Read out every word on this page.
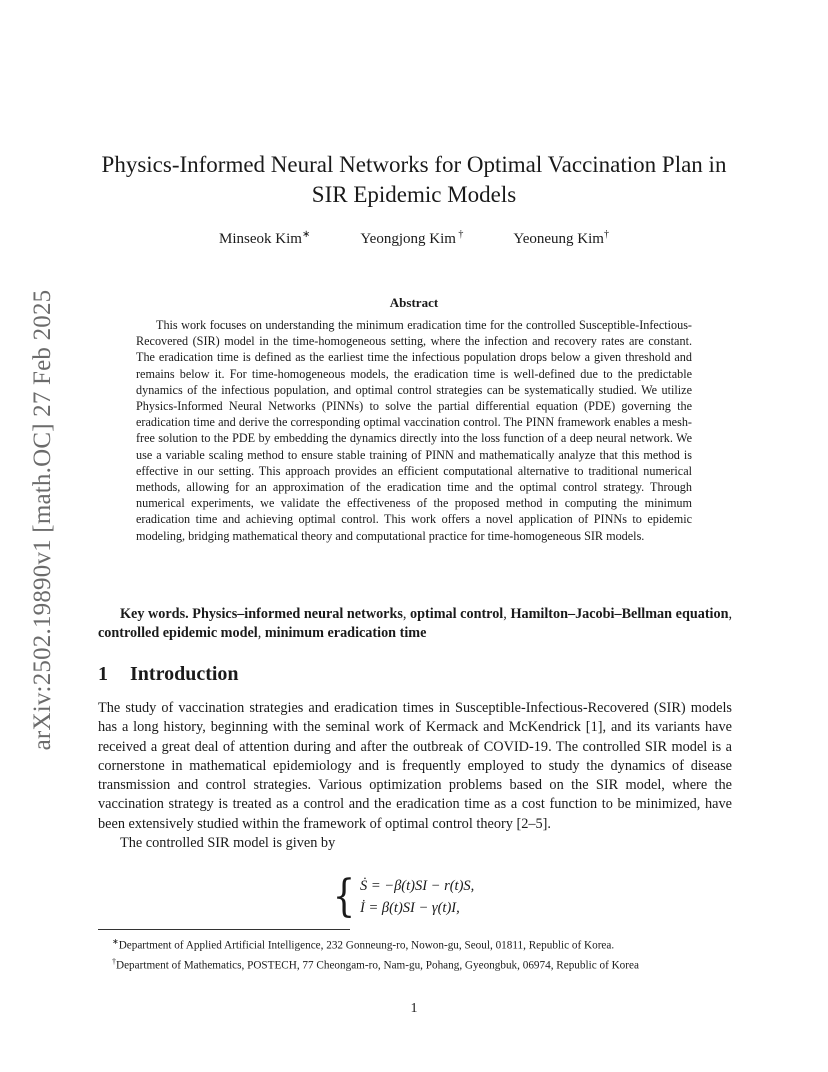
arXiv:2502.19890v1 [math.OC] 27 Feb 2025
Physics-Informed Neural Networks for Optimal Vaccination Plan in
SIR Epidemic Models
Minseok Kim∗	Yeongjong Kim †	Yeoneung Kim†
Abstract
This work focuses on understanding the minimum eradication time for the controlled Susceptible-Infectious-Recovered (SIR) model in the time-homogeneous setting, where the infection and recovery rates are constant. The eradication time is defined as the earliest time the infectious population drops below a given threshold and remains below it. For time-homogeneous models, the eradication time is well-defined due to the predictable dynamics of the infectious population, and optimal control strategies can be systematically studied. We utilize Physics-Informed Neural Networks (PINNs) to solve the partial differential equation (PDE) governing the eradication time and derive the corresponding optimal vaccination control. The PINN framework enables a mesh-free solution to the PDE by embedding the dynamics directly into the loss function of a deep neural network. We use a variable scaling method to ensure stable training of PINN and mathematically analyze that this method is effective in our setting. This approach provides an efficient computational alternative to traditional numerical methods, allowing for an approximation of the eradication time and the optimal control strategy. Through numerical experiments, we validate the effectiveness of the proposed method in computing the minimum eradication time and achieving optimal control. This work offers a novel application of PINNs to epidemic modeling, bridging mathematical theory and computational practice for time-homogeneous SIR models.
Key words. Physics–informed neural networks, optimal control, Hamilton–Jacobi–Bellman equation, controlled epidemic model, minimum eradication time
1 Introduction

The study of vaccination strategies and eradication times in Susceptible-Infectious-Recovered (SIR) models has a long history, beginning with the seminal work of Kermack and McKendrick [1], and its variants have received a great deal of attention during and after the outbreak of COVID-19. The controlled SIR model is a cornerstone in mathematical epidemiology and is frequently employed to study the dynamics of disease transmission and control strategies. Various optimization problems based on the SIR model, where the vaccination strategy is treated as a control and the eradication time as a cost function to be minimized, have been extensively studied within the framework of optimal control theory [2–5].

The controlled SIR model is given by

{ Ṡ = −β(t)SI − r(t)S,
İ = β(t)SI − γ(t)I,

∗Department of Applied Artificial Intelligence, 232 Gonneung-ro, Nowon-gu, Seoul, 01811, Republic of Korea.

†Department of Mathematics, POSTECH, 77 Cheongam-ro, Nam-gu, Pohang, Gyeongbuk, 06974, Republic of Korea

1
